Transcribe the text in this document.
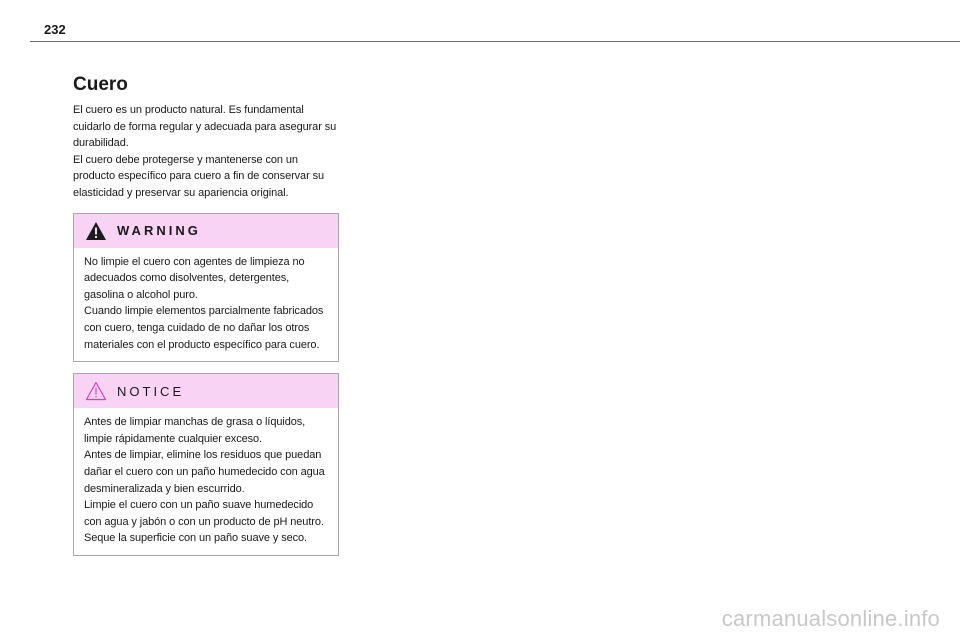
232
Cuero

El cuero es un producto natural. Es fundamental cuidarlo de forma regular y adecuada para asegurar su durabilidad.

El cuero debe protegerse y mantenerse con un producto específico para cuero a fin de conservar su elasticidad y preservar su apariencia original.

WARNING

No limpie el cuero con agentes de limpieza no adecuados como disolventes, detergentes, gasolina o alcohol puro.

Cuando limpie elementos parcialmente fabricados con cuero, tenga cuidado de no dañar los otros materiales con el producto específico para cuero.

NOTICE

Antes de limpiar manchas de grasa o líquidos, limpie rápidamente cualquier exceso.

Antes de limpiar, elimine los residuos que puedan dañar el cuero con un paño humedecido con agua desmineralizada y bien escurrido.

Limpie el cuero con un paño suave humedecido con agua y jabón o con un producto de pH neutro.

Seque la superficie con un paño suave y seco.

carmanualsonline.info
